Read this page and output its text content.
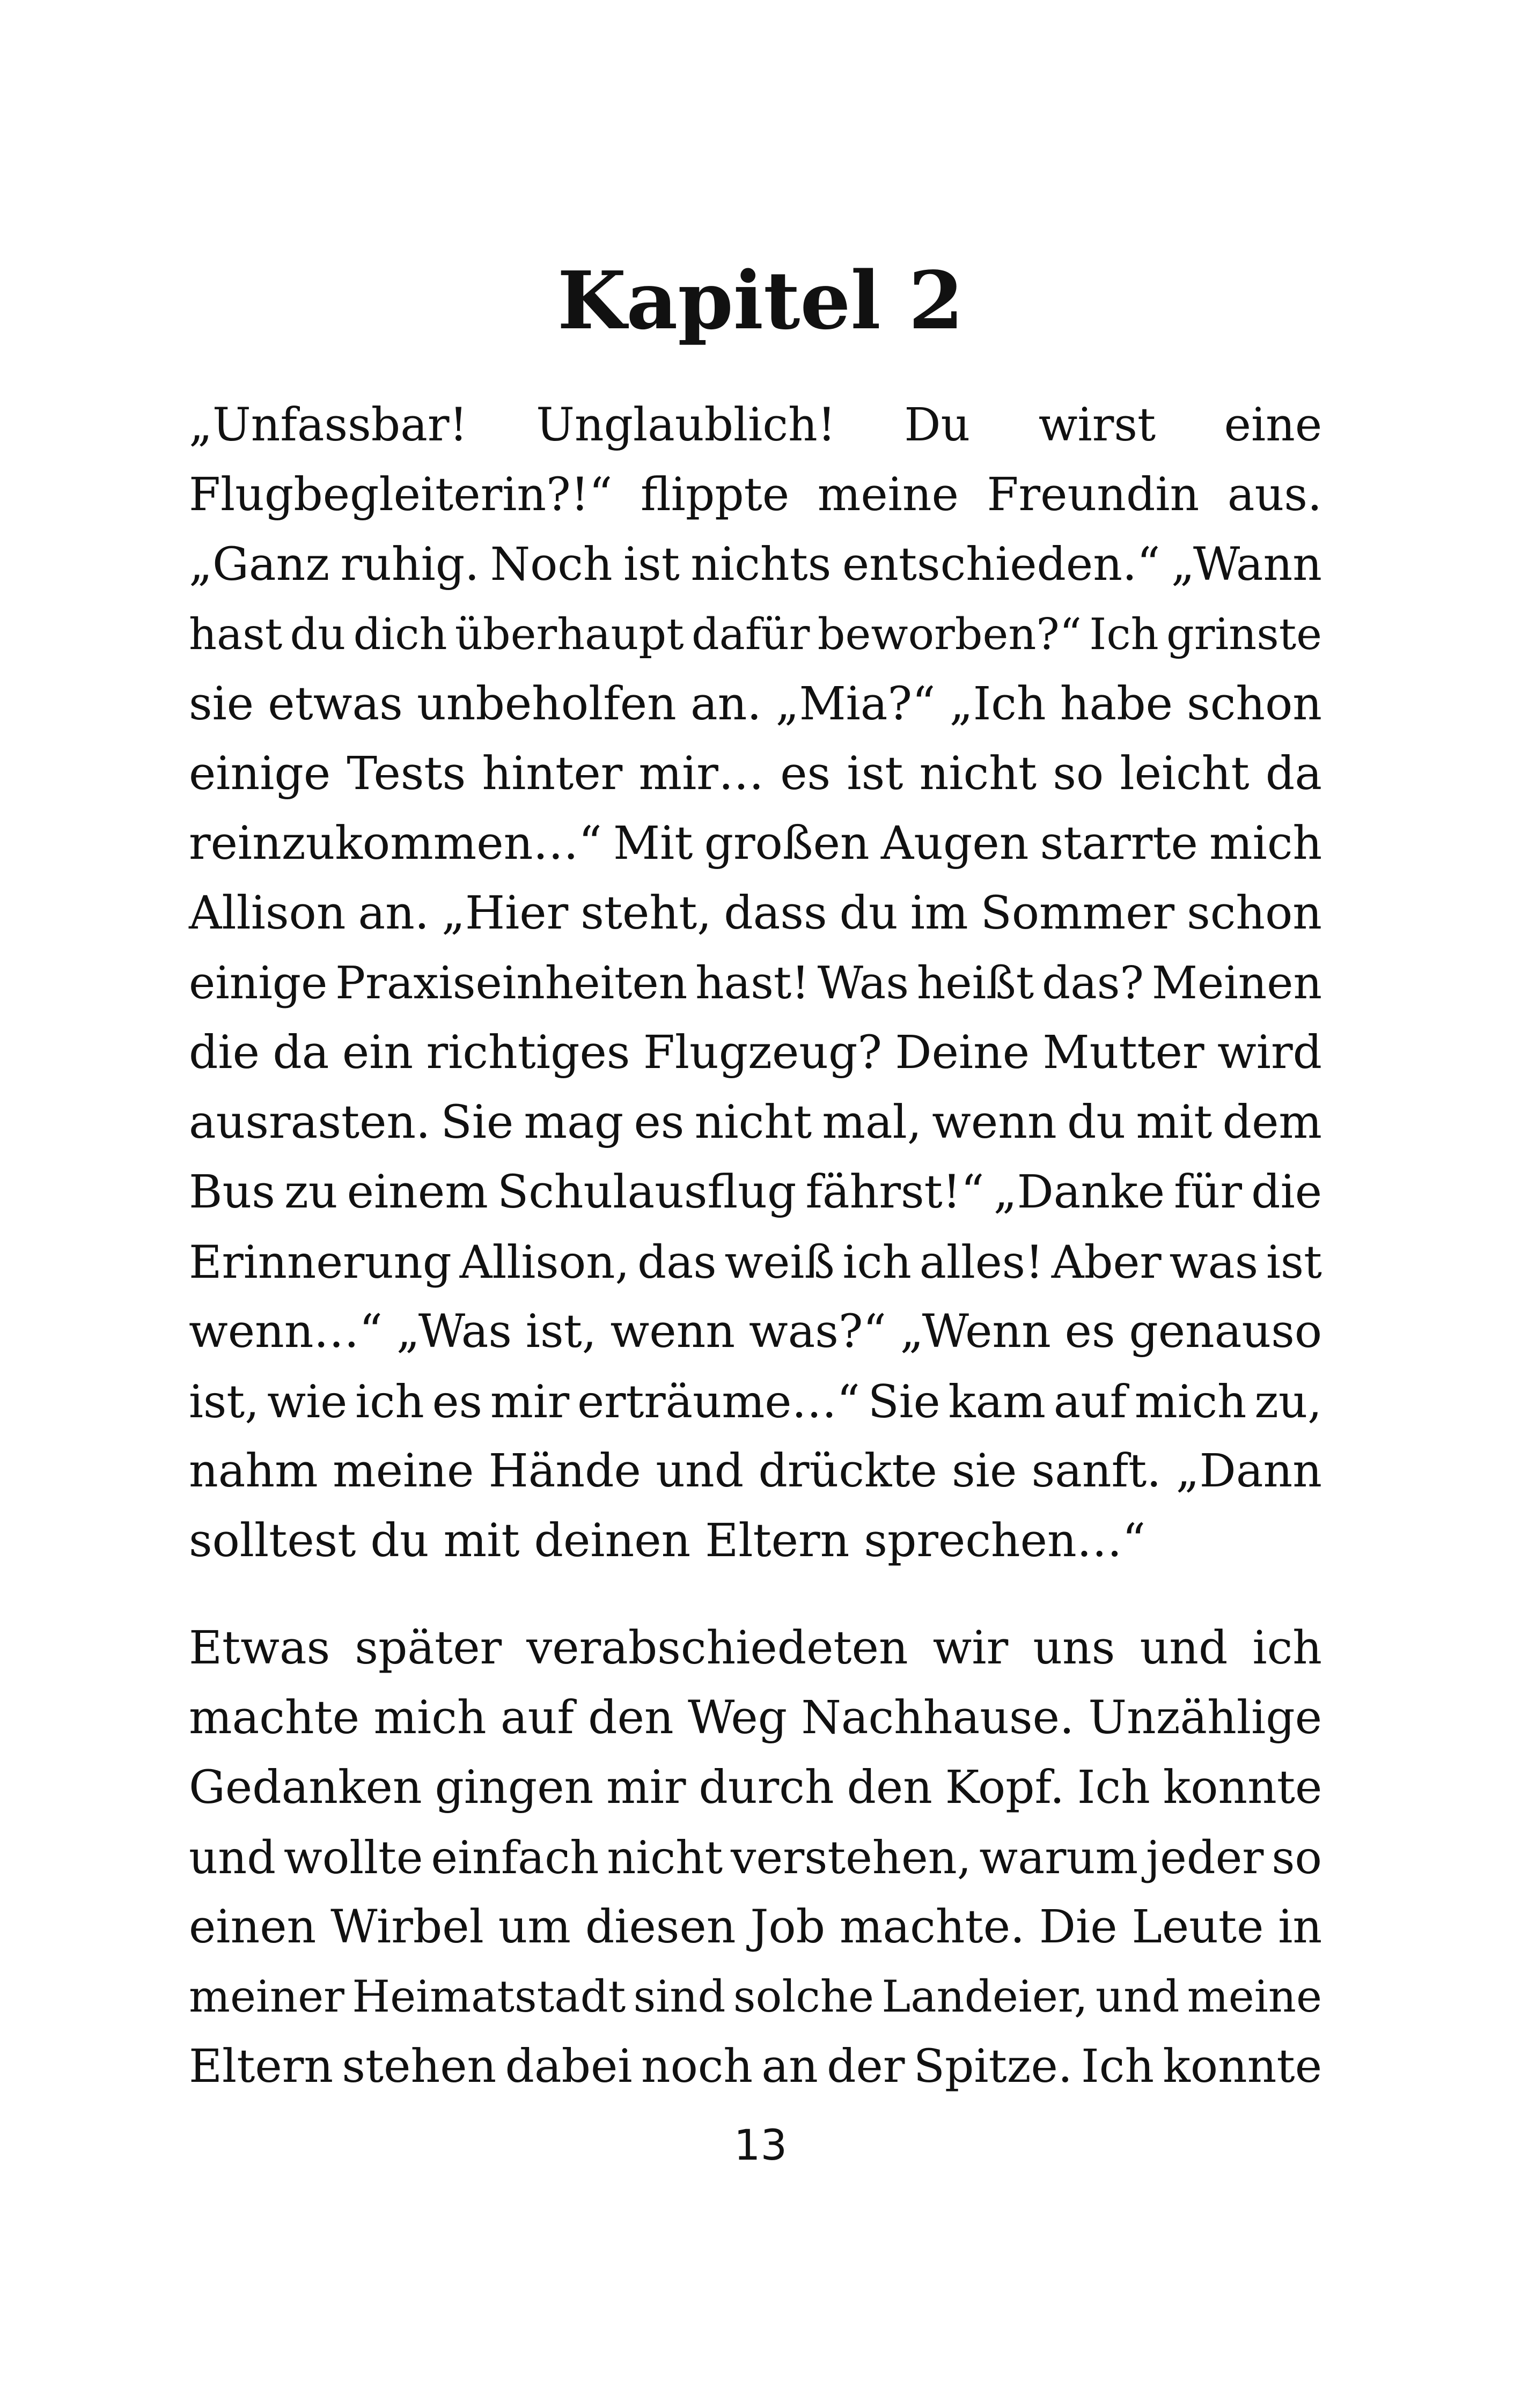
Kapitel 2
„Unfassbar! Unglaublich! Du wirst eine
Flugbegleiterin?!“ flippte meine Freundin aus.
„Ganz ruhig. Noch ist nichts entschieden.“ „Wann
hast du dich überhaupt dafür beworben?“ Ich grinste
sie etwas unbeholfen an. „Mia?“ „Ich habe schon
einige Tests hinter mir… es ist nicht so leicht da
reinzukommen…“ Mit großen Augen starrte mich
Allison an. „Hier steht, dass du im Sommer schon
einige Praxiseinheiten hast! Was heißt das? Meinen
die da ein richtiges Flugzeug? Deine Mutter wird
ausrasten. Sie mag es nicht mal, wenn du mit dem
Bus zu einem Schulausflug fährst!“ „Danke für die
Erinnerung Allison, das weiß ich alles! Aber was ist
wenn…“ „Was ist, wenn was?“ „Wenn es genauso
ist, wie ich es mir erträume…“ Sie kam auf mich zu,
nahm meine Hände und drückte sie sanft. „Dann
solltest du mit deinen Eltern sprechen…“
Etwas später verabschiedeten wir uns und ich
machte mich auf den Weg Nachhause. Unzählige
Gedanken gingen mir durch den Kopf. Ich konnte
und wollte einfach nicht verstehen, warum jeder so
einen Wirbel um diesen Job machte. Die Leute in
meiner Heimatstadt sind solche Landeier, und meine
Eltern stehen dabei noch an der Spitze. Ich konnte
13
